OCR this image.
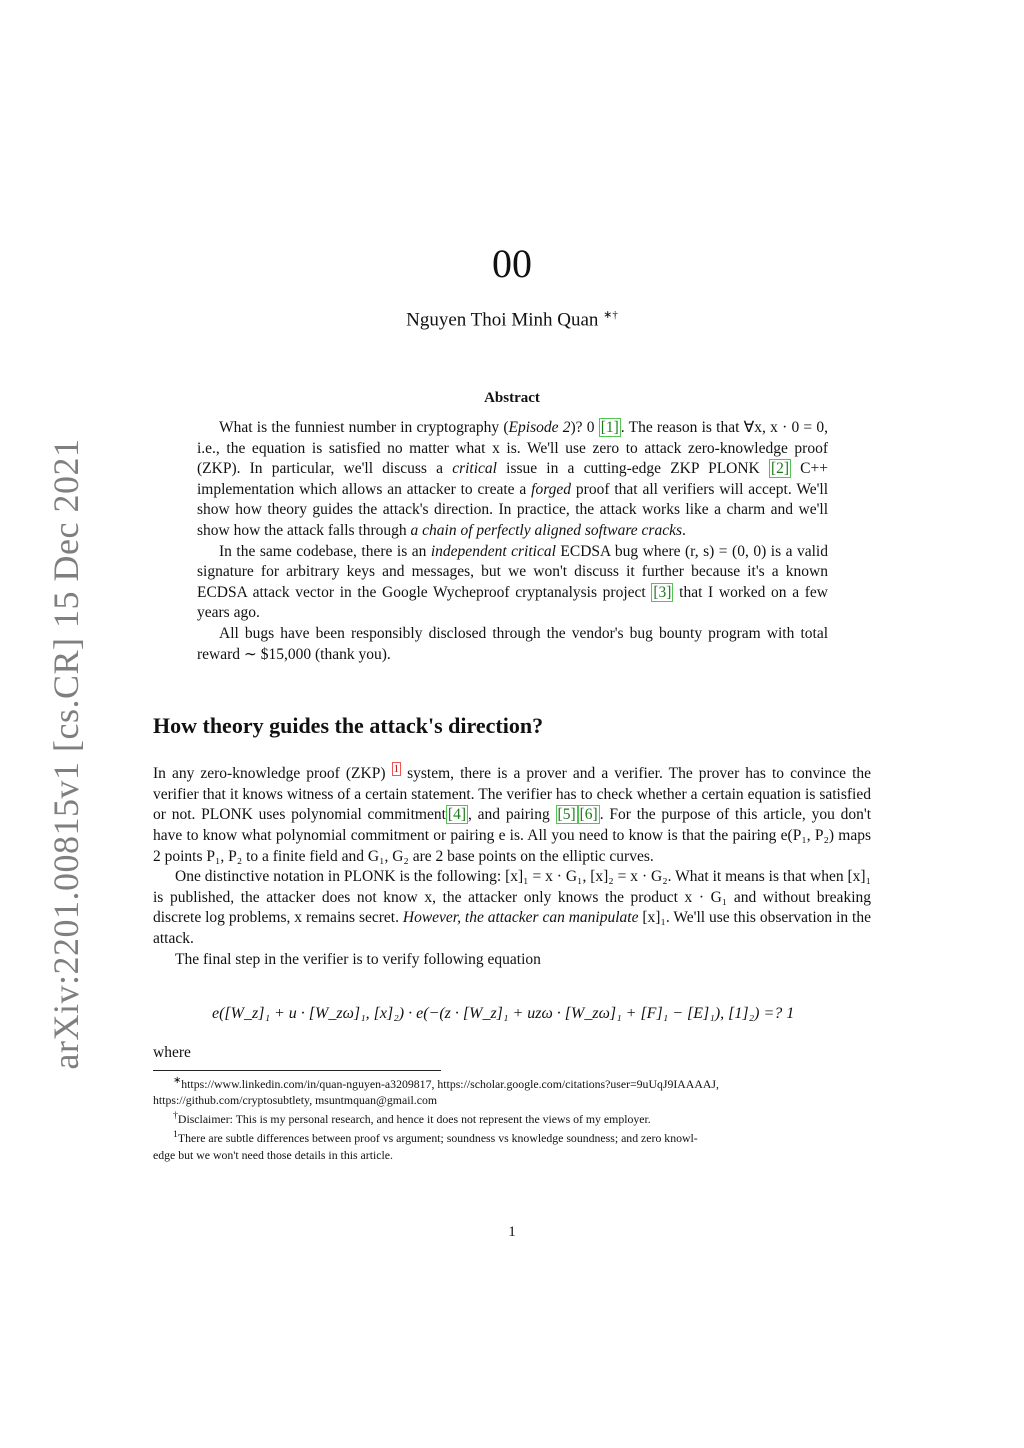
arXiv:2201.00815v1 [cs.CR] 15 Dec 2021
00
Nguyen Thoi Minh Quan ∗†
Abstract

What is the funniest number in cryptography (Episode 2)? 0 [1] . The reason is that ∀x, x · 0 = 0, i.e., the equation is satisfied no matter what x is. We'll use zero to attack zero-knowledge proof (ZKP). In particular, we'll discuss a critical issue in a cutting-edge ZKP PLONK [2] C++ implementation which allows an attacker to create a forged proof that all verifiers will accept. We'll show how theory guides the attack's direction. In practice, the attack works like a charm and we'll show how the attack falls through a chain of perfectly aligned software cracks.

In the same codebase, there is an independent critical ECDSA bug where (r, s) = (0, 0) is a valid signature for arbitrary keys and messages, but we won't discuss it further because it's a known ECDSA attack vector in the Google Wycheproof cryptanalysis project [3] that I worked on a few years ago.

All bugs have been responsibly disclosed through the vendor's bug bounty program with total reward ∼ $15,000 (thank you).

How theory guides the attack's direction?

In any zero-knowledge proof (ZKP) $^1$ system, there is a prover and a verifier. The prover has to convince the verifier that it knows witness of a certain statement. The verifier has to check whether a certain equation is satisfied or not. PLONK uses polynomial commitment [4] , and pairing [5] [6] . For the purpose of this article, you don't have to know what polynomial commitment or pairing e is. All you need to know is that the pairing e(P₁, P₂) maps 2 points P₁, P₂ to a finite field and G₁, G₂ are 2 base points on the elliptic curves.

One distinctive notation in PLONK is the following: [x]₁ = x · G₁, [x]₂ = x · G₂. What it means is that when [x]₁ is published, the attacker does not know x, the attacker only knows the product x · G₁ and without breaking discrete log problems, x remains secret. However, the attacker can manipulate [x]₁. We'll use this observation in the attack.

The final step in the verifier is to verify following equation

e([W_z]₁ + u · [W_zω]₁, [x]₂) · e(−(z · [W_z]₁ + uzω · [W_zω]₁ + [F]₁ − [E]₁), [1]₂) =? 1
where
∗https://www.linkedin.com/in/quan-nguyen-a3209817, https://scholar.google.com/citations?user=9uUqJ9IAAAAJ,
https://github.com/cryptosubtlety, msuntmquan@gmail.com
†Disclaimer: This is my personal research, and hence it does not represent the views of my employer.
$^1$There are subtle differences between proof vs argument; soundness vs knowledge soundness; and zero knowl-
edge but we won't need those details in this article.
1
